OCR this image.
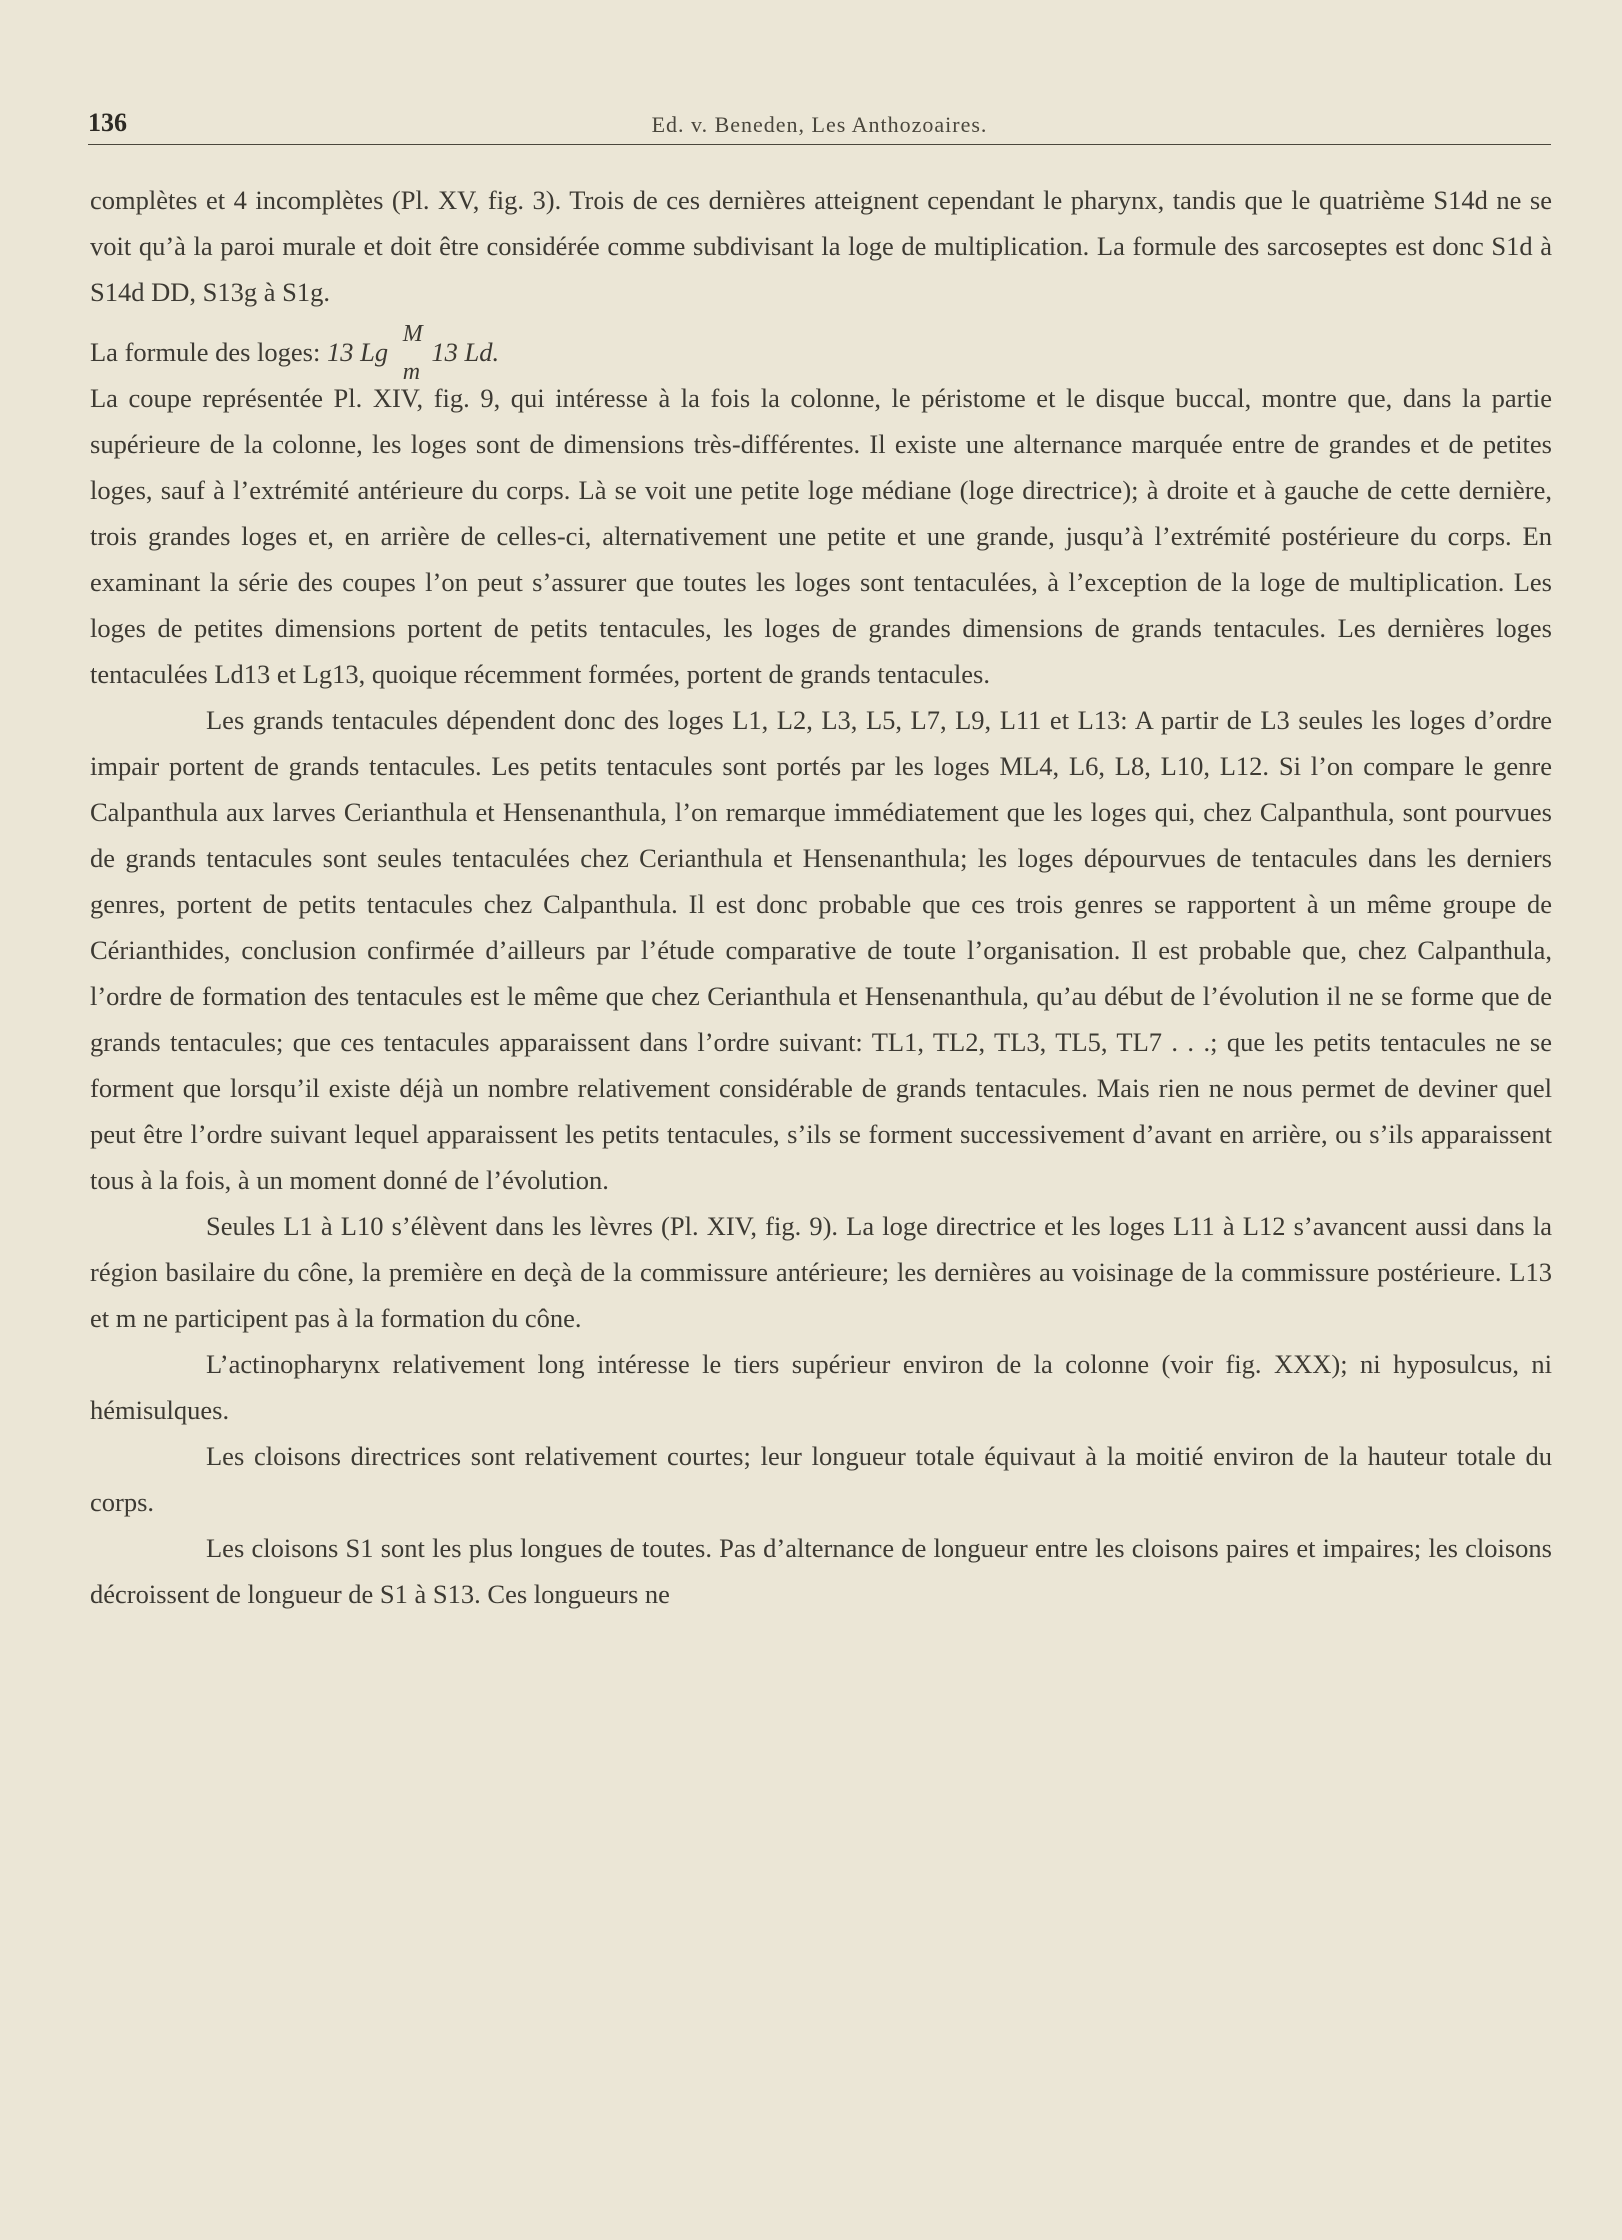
136	Ed. v. Beneden, Les Anthozoaires.

complètes et 4 incomplètes (Pl. XV, fig. 3). Trois de ces dernières atteignent cependant le pharynx, tandis que le quatrième S14d ne se voit qu’à la paroi murale et doit être considérée comme subdivisant la loge de multiplication. La formule des sarcoseptes est donc S1d à S14d DD, S13g à S1g.

La formule des loges: 13 Lg
M
m
13 Ld.

La coupe représentée Pl. XIV, fig. 9, qui intéresse à la fois la colonne, le péristome et le disque buccal, montre que, dans la partie supérieure de la colonne, les loges sont de dimensions très-différentes. Il existe une alternance marquée entre de grandes et de petites loges, sauf à l’extrémité antérieure du corps. Là se voit une petite loge médiane (loge directrice); à droite et à gauche de cette dernière, trois grandes loges et, en arrière de celles-ci, alternativement une petite et une grande, jusqu’à l’extrémité postérieure du corps. En examinant la série des coupes l’on peut s’assurer que toutes les loges sont tentaculées, à l’exception de la loge de multiplication. Les loges de petites dimensions portent de petits tentacules, les loges de grandes dimensions de grands tentacules. Les dernières loges tentaculées Ld13 et Lg13, quoique récemment formées, portent de grands tentacules.

Les grands tentacules dépendent donc des loges L1, L2, L3, L5, L7, L9, L11 et L13: A partir de L3 seules les loges d’ordre impair portent de grands tentacules. Les petits tentacules sont portés par les loges ML4, L6, L8, L10, L12. Si l’on compare le genre Calpanthula aux larves Cerianthula et Hensenanthula, l’on remarque immédiatement que les loges qui, chez Calpanthula, sont pourvues de grands tentacules sont seules tentaculées chez Cerianthula et Hensenanthula; les loges dépourvues de tentacules dans les derniers genres, portent de petits tentacules chez Calpanthula. Il est donc probable que ces trois genres se rapportent à un même groupe de Cérianthides, conclusion confirmée d’ailleurs par l’étude comparative de toute l’organisation. Il est probable que, chez Calpanthula, l’ordre de formation des tentacules est le même que chez Cerianthula et Hensenanthula, qu’au début de l’évolution il ne se forme que de grands tentacules; que ces tentacules apparaissent dans l’ordre suivant: TL1, TL2, TL3, TL5, TL7 . . .; que les petits tentacules ne se forment que lorsqu’il existe déjà un nombre relativement considérable de grands tentacules. Mais rien ne nous permet de deviner quel peut être l’ordre suivant lequel apparaissent les petits tentacules, s’ils se forment successivement d’avant en arrière, ou s’ils apparaissent tous à la fois, à un moment donné de l’évolution.

Seules L1 à L10 s’élèvent dans les lèvres (Pl. XIV, fig. 9). La loge directrice et les loges L11 à L12 s’avancent aussi dans la région basilaire du cône, la première en deçà de la commissure antérieure; les dernières au voisinage de la commissure postérieure. L13 et m ne participent pas à la formation du cône.

L’actinopharynx relativement long intéresse le tiers supérieur environ de la colonne (voir fig. XXX); ni hyposulcus, ni hémisulques.

Les cloisons directrices sont relativement courtes; leur longueur totale équivaut à la moitié environ de la hauteur totale du corps.

Les cloisons S1 sont les plus longues de toutes. Pas d’alternance de longueur entre les cloisons paires et impaires; les cloisons décroissent de longueur de S1 à S13. Ces longueurs ne
